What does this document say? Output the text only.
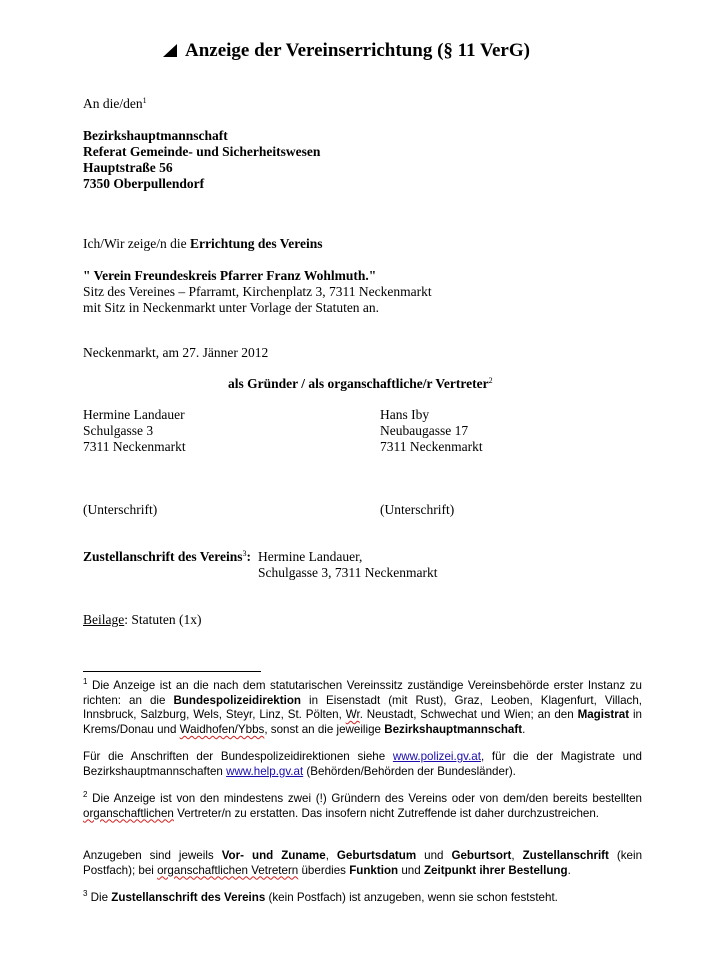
Anzeige der Vereinserrichtung (§ 11 VerG)
An die/den$^1$
Bezirkshauptmannschaft
Referat Gemeinde- und Sicherheitswesen
Hauptstraße 56
7350 Oberpullendorf
Ich/Wir zeige/n die Errichtung des Vereins
" Verein Freundeskreis Pfarrer Franz Wohlmuth."
Sitz des Vereines – Pfarramt, Kirchenplatz 3, 7311 Neckenmarkt
mit Sitz in Neckenmarkt unter Vorlage der Statuten an.
Neckenmarkt, am 27. Jänner 2012
als Gründer / als organschaftliche/r Vertreter$^2$
Hermine Landauer
Schulgasse 3
7311 Neckenmarkt
Hans Iby
Neubaugasse 17
7311 Neckenmarkt
(Unterschrift)	(Unterschrift)
Zustellanschrift des Vereins$^3$: Hermine Landauer,
Schulgasse 3, 7311 Neckenmarkt
Beilage: Statuten (1x)
$^1$ Die Anzeige ist an die nach dem statutarischen Vereinssitz zuständige Vereinsbehörde erster Instanz zu richten: an die Bundespolizeidirektion in Eisenstadt (mit Rust), Graz, Leoben, Klagenfurt, Villach, Innsbruck, Salzburg, Wels, Steyr, Linz, St. Pölten, Wr. Neustadt, Schwechat und Wien; an den Magistrat in Krems/Donau und Waidhofen/Ybbs, sonst an die jeweilige Bezirkshauptmannschaft.
Für die Anschriften der Bundespolizeidirektionen siehe www.polizei.gv.at, für die der Magistrate und Bezirkshauptmannschaften www.help.gv.at (Behörden/Behörden der Bundesländer).
$^2$ Die Anzeige ist von den mindestens zwei (!) Gründern des Vereins oder von dem/den bereits bestellten organschaftlichen Vertreter/n zu erstatten. Das insofern nicht Zutreffende ist daher durchzustreichen.
Anzugeben sind jeweils Vor- und Zuname, Geburtsdatum und Geburtsort, Zustellanschrift (kein Postfach); bei organschaftlichen Vetretern überdies Funktion und Zeitpunkt ihrer Bestellung.
$^3$ Die Zustellanschrift des Vereins (kein Postfach) ist anzugeben, wenn sie schon feststeht.
